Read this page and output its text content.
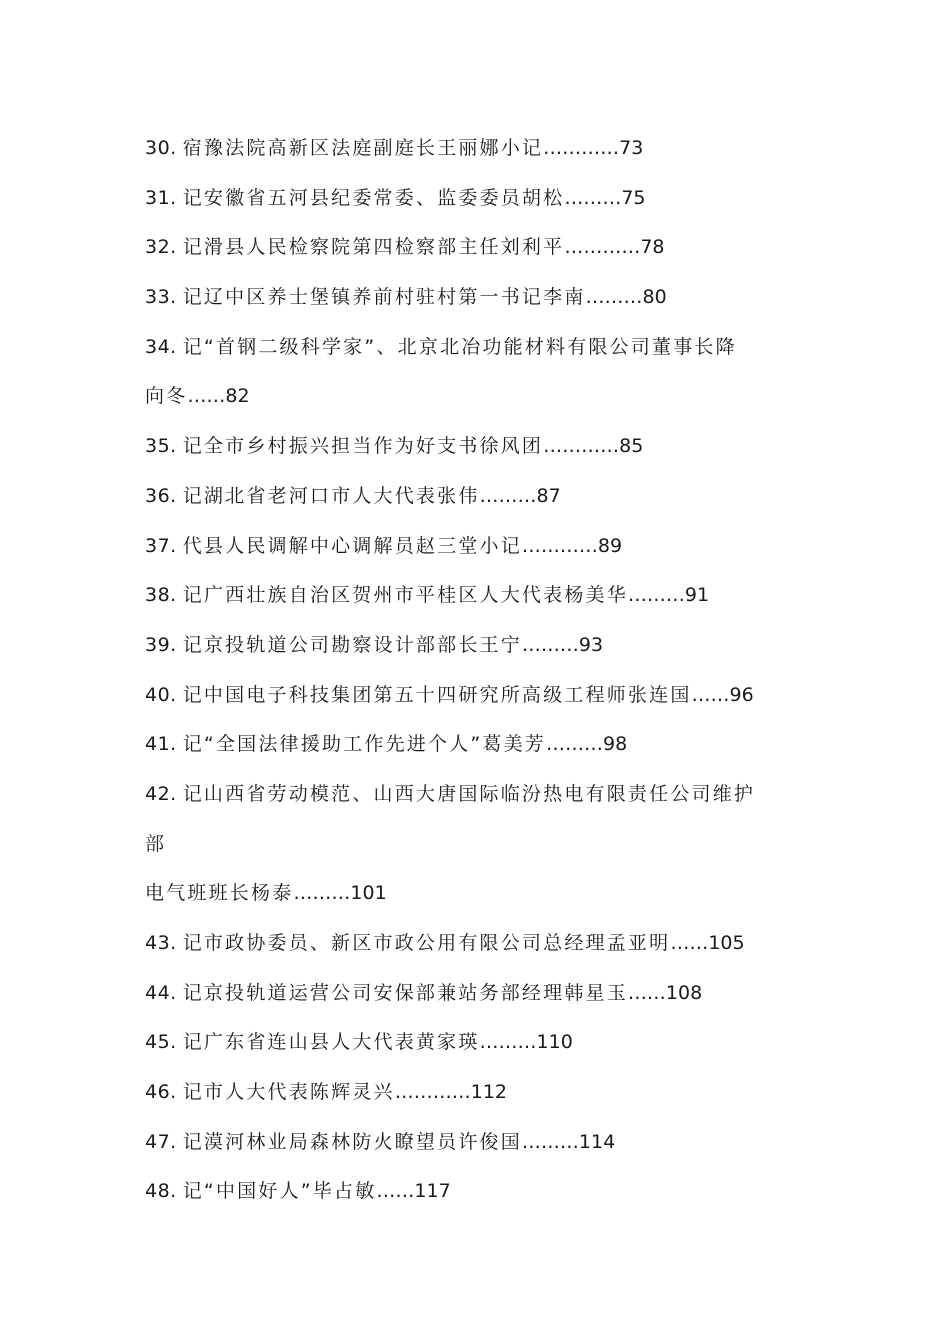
30. 宿豫法院高新区法庭副庭长王丽娜小记…………73
31. 记安徽省五河县纪委常委、监委委员胡松………75
32. 记滑县人民检察院第四检察部主任刘利平…………78
33. 记辽中区养士堡镇养前村驻村第一书记李南………80
34. 记“首钢二级科学家”、北京北冶功能材料有限公司董事长降
向冬……82
35. 记全市乡村振兴担当作为好支书徐风团…………85
36. 记湖北省老河口市人大代表张伟………87
37. 代县人民调解中心调解员赵三堂小记…………89
38. 记广西壮族自治区贺州市平桂区人大代表杨美华………91
39. 记京投轨道公司勘察设计部部长王宁………93
40. 记中国电子科技集团第五十四研究所高级工程师张连国……96
41. 记“全国法律援助工作先进个人”葛美芳………98
42. 记山西省劳动模范、山西大唐国际临汾热电有限责任公司维护
部
电气班班长杨泰………101
43. 记市政协委员、新区市政公用有限公司总经理孟亚明……105
44. 记京投轨道运营公司安保部兼站务部经理韩星玉……108
45. 记广东省连山县人大代表黄家瑛………110
46. 记市人大代表陈辉灵兴…………112
47. 记漠河林业局森林防火瞭望员许俊国………114
48. 记“中国好人”毕占敏……117
